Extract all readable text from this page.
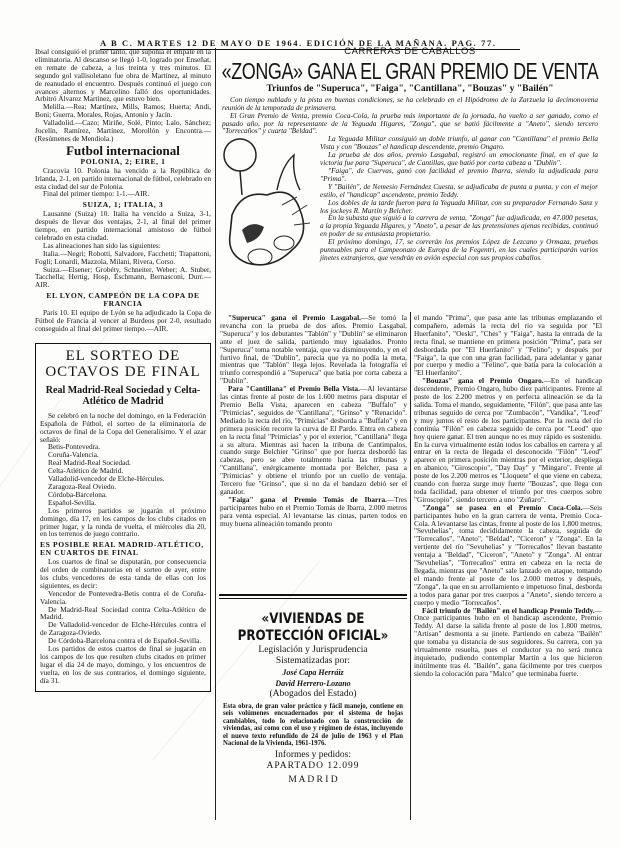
A B C. MARTES 12 DE MAYO DE 1964. EDICIÓN DE LA MAÑANA. PAG. 77.

Ibsal consiguió el primer tanto, que suponía el empate en la eliminatoria. Al descanso se llegó 1-0, logrado por Enseñat, en remate de cabeza, a los treinta y tres minutos. El segundo gol vallisoletano fue obra de Martínez, al minuto de reanudado el encuentro. Después continuó el juego con avances alternos y Marcelino falló dos oportunidades. Arbitró Álvarez Martínez, que estuvo bien.

Melilla.—Rea; Martínez, Mills, Ramos; Huerta; Andi, Boni; Guerra, Morales, Rojas, Antonio y Jacín.

Valladolid.—Cazo; Miriñe, Solé, Pinto; Lalo, Sánchez; Jocelín, Ramírez, Martínez, Morollón y Encontra.—(Resúmenes de Mendiola.)

Futbol internacional
POLONIA, 2; EIRE, 1

Cracovia 10. Polonia ha vencido a la República de Irlanda, 2-1, en partido internacional de fútbol, celebrado en esta ciudad del sur de Polonia.

Final del primer tiempo: 1-1.—AIR.

SUIZA, 1; ITALIA, 3

Lausanne (Suiza) 10. Italia ha vencido a Suiza, 3-1, después de llevar dos ventajas, 2-1, al final del primer tiempo, en partido internacional amistoso de fútbol celebrado en esta ciudad.

Las alineaciones han sido las siguientes:

Italia.—Negri; Robotti, Salvadore, Facchetti; Trapattoni, Fogli; Lonardi, Mazzola, Milani, Rivera, Corso.

Suiza.—Elsener; Grobéty, Schneiter, Weber; A. Stuber, Tacchella; Hertig, Hosp, Eschmann, Bernasconi, Durr.—AIR.

EL LYON, CAMPEÓN DE LA COPA DE FRANCIA

París 10. El equipo de Lyón se ha adjudicado la Copa de Fútbol de Francia al vencer al Burdeos por 2-0, resultado conseguido al final del primer tiempo.—AIR.

EL SORTEO DE OCTAVOS DE FINAL
Real Madrid-Real Sociedad y Celta-Atlético de Madrid

Se celebró en la noche del domingo, en la Federación Española de Fútbol, el sorteo de la eliminatoria de octavos de final de la Copa del Generalísimo. Y el azar señaló:

Betis-Pontevedra.

Coruña-Valencia.

Real Madrid-Real Sociedad.

Celta-Atlético de Madrid.

Valladolid-vencedor de Elche-Hércules.

Zaragoza-Real Oviedo.

Córdoba-Barcelona.

Español-Sevilla.

Los primeros partidos se jugarán el próximo domingo, día 17, en los campos de los clubs citados en primer lugar, y la ronda de vuelta, el miércoles día 20, en los terrenos de juego contrario.

ES POSIBLE REAL MADRID-ATLÉTICO, EN CUARTOS DE FINAL

Los cuartos de final se disputarán, por consecuencia del orden de combinatorias en el sorteo de ayer, entre los clubs vencedores de esta tanda de ellas con los siguientes, es decir:

Vencedor de Pontevedra-Betis contra el de Coruña-Valencia.

De Madrid-Real Sociedad contra Celta-Atlético de Madrid.

De Valladolid-vencedor de Elche-Hércules contra el de Zaragoza-Oviedo.

De Córdoba-Barcelona contra el de Español-Sevilla.

Los partidos de estos cuartos de final se jugarán en los campos de los que resulten clubs citados en primer lugar el día 24 de mayo, domingo, y los encuentros de vuelta, en los de sus contrarios, el domingo siguiente, día 31.

CARRERAS DE CABALLOS
«ZONGA» GANA EL GRAN PREMIO DE VENTA
Triunfos de "Superuca", "Faiga", "Cantillana", "Bouzas" y "Bailén"

Con tiempo nublado y la pista en buenas condiciones, se ha celebrado en el Hipódromo de la Zarzuela la decimonovena reunión de la temporada de primavera.

El Gran Premio de Venta, premio Coca-Cola, la prueba más importante de la jornada, ha vuelto a ser ganado, como el pasado año, por la representante de la Yeguada Higares, "Zonga", que se batió fácilmente a "Aneto", siendo tercero "Torrecaños" y cuarta "Beldad".

La Yeguada Militar consiguió un doble triunfo, al ganar con "Cantillana" el premio Bella Vista y con "Bouzas" el handicap descendente, premio Ongaro.

La prueba de dos años, premio Lasgabal, registró un emocionante final, en el que la victoria fue para "Superuca", de Cantillas, que batió por corta cabeza a "Dublín".

"Faiga", de Cuervas, ganó con facilidad el premio Ibarra, siendo la adjudicada para "Prima".

Y "Bailén", de Nemesio Fernández Cuesta, se adjudicaba de punta a punta, y con el mejor estilo, el "handicap" ascendente, premio Teddy.

Los dobles de la tarde fueron para la Yeguada Militar, con su preparador Fernando Sanz y los jockeys R. Martín y Belcher.

En la subasta que siguió a la carrera de venta, "Zonga" fue adjudicada, en 47.000 pesetas, a la propia Yeguada Higares, y "Aneto", a pesar de las pretensiones ajenas recibidas, continuó en poder de su entusiasta propietario.

El próximo domingo, 17, se correrán los premios López de Lezcano y Ormaza, pruebas puntuables para el Campeonato de Europa de la Fegentri, en las cuales participarán varios jinetes extranjeros, que vendrán en avión especial con sus propios caballos.

"Superuca" gana el Premio Lasgabal.—Se tomó la revancha con la prueba de dos años. Premio Lasgabal, "Superuca" y los debutantes "Tablón" y "Dublín" se eliminaron ante el juez de salida, partiendo muy igualados. Pronto "Superuca" toma notable ventaja, que va disminuyendo, y en el furtivo final, de "Dublín", parecía que ya no podía la meta, mientras que "Tablón" llega lejos. Revelada la fotografía el triunfo correspondió a "Superuca" que batía por corta cabeza a "Dublín".

Para "Cantillana" el Premio Bella Vista.—Al levantarse las cintas frente al poste de los 1.600 metros para disputar el Premio Bella Vista, aparecen en cabeza "Buffalo" y "Primicias", seguidos de "Cantillana", "Grinso" y "Renacido". Mediado la recta del río, "Primicias" desborda a "Buffalo" y en primera posición recorre la curva de El Pardo. Entra en cabeza en la recta final "Primicias" y por el exterior, "Cantillana" llega a su altura. Mientras así hacen la tribuna de Cantimpalos, cuando surge Belchier "Grinso" que por fuerza desbordó las cabezas, pero se abre totalmente hacia las tribunas y "Cantillana", enérgicamente montada por Belcher, pasa a "Primicias" y obtiene el triunfo por un cuello de ventaja. Tercero fue "Grinso", que si no da el bandazo debió ser el ganador.

"Faiga" gana el Premio Tomás de Ibarra.—Tres participantes hubo en el Premio Tomás de Ibarra, 2.000 metros para venta especial. Al levantarse las cintas, parten todos en muy buena alineación tomando pronto

«VIVIENDAS DE
PROTECCIÓN OFICIAL»
Legislación y Jurisprudencia
Sistematizadas por:
José Capa Herráiz
David Herrero-Lozano
(Abogados del Estado)
Esta obra, de gran valor práctico y fácil manejo, contiene en seis volúmenes encuadernados por el sistema de hojas cambiables, todo lo relacionado con la construcción de viviendas, así como con el uso y régimen de éstas, incluyendo el nuevo texto refundido de 24 de julio de 1963 y el Plan Nacional de la Vivienda, 1961-1976.
Informes y pedidos:
APARTADO 12.099
M A D R I D

el mando "Prima", que pasa ante las tribunas emplazando el compañero, además la recta del río va seguida por "El Huerfanito", "Oeski", "Ches" y "Faiga", hasta la entrada de la recta final, se mantiene en primera posición "Prima", para ser desbordada por "El Huerfanito" y "Felino"; y después por "Faiga", la que con una gran facilidad, para adelantar y ganar por cuerpo y medio a "Felino", que batía para la colocación a "El Huerfanito".

"Bouzas" gana el Premio Ongaro.—En el handicap descendente, Premio Ongaro, hubo diez participantes. Frente al poste de los 2.200 metros y en perfecta alineación se da la salida. Toma el mando, seguidamente, "Filón", que pasa ante las tribunas seguido de cerca por "Zumbacón", "Vandika", "Leod" y muy juntos el resto de los participantes. Por la recta del río continúa "Filón" en cabeza seguido de cerca por "Leod" que hoy quiere ganar. El tren aunque no es muy rápido es sostenido. En la curva virtualmente están todos los caballos en carrera y al entrar en la recta de llegada el desconocido "Filón" "Leod" aparece en primera posición mientras por el exterior, despliega en abanico, "Giroscopio", "Day Day" y "Mingaro". Frente al poste de los 2.200 metros es "Lloquete" el que viene en cabeza, cuando con fuerza surge muy fuerte "Bouzas", que llega con toda facilidad, para obtener el triunfo por tres cuerpos sobre "Giroscopio", siendo tercero a uno "Zuñaro".

"Zonga" se pasea en el Premio Coca-Cola.—Seis participantes hubo en la gran carrera de venta, Premio Coca-Cola. A levantarse las cintas, frente al poste de los 1.800 metros, "Sevuhelias", toma decididamente la cabeza, seguida de "Torrecaños", "Aneto", "Beldad", "Ciceron" y "Zonga". En la vertiente del río "Sevuhelias" y "Torrecaños" llevan bastante ventaja a "Beldad", "Ciceron", "Aneto" y "Zonga". Al entrar "Sevuhelias", "Torrecaños" entra en cabeza en la recta de llegada, mientras que "Aneto" sale lanzado en ataque, tomando el mando frente al poste de los 2.000 metros y después, "Zonga", la que en su arrollamiento e impetuoso final, desborda a todos para ganar por tres cuerpos a "Aneto", siendo tercero a cuerpo y medio "Torrecaños".

Fácil triunfo de "Bailén" en el handicap Premio Teddy.—Once participantes hubo en el handicap ascendente, Premio Teddy. Al darse la salida frente al poste de los 1.800 metros, "Artisan" desmonta a su jinete. Partiendo en cabeza "Bailén" que tomaba ya distancia de sus seguidores. Su carrera, con ya virtualmente resuelta, pues el conductor ya no será nunca inquietado, pudiendo contemplar Martín a los que hicieron inútilmente tras él. "Bailén", gana fácilmente por tres cuerpos siendo la colocación para "Malco" que terminaba fuerte.
